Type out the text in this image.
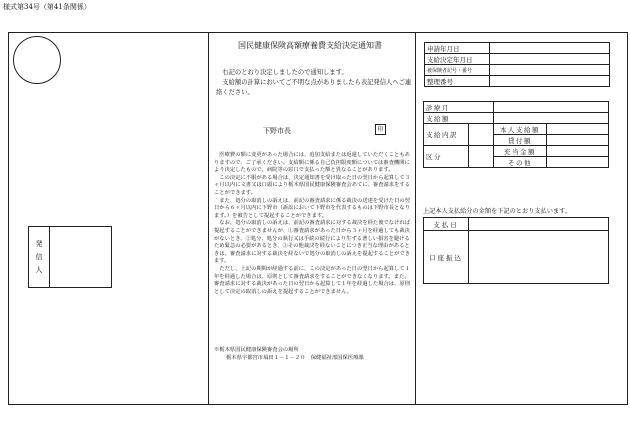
様式第34号（第41条関係）
発
信
人
国民健康保険高額療養費支給決定通知書

右記のとおり決定しましたので通知します。

支給額の計算においてご不明な点がありましたら表記発信人へご連絡ください。

下野市長	印

医療費の額に変更があった場合には、追加支給または返還していただくこともありますので、ご了承ください。支給額に係る自己負担限度額については審査機関により決定したもので、病院等の窓口で支払った額と異なることがあります。

この決定に不服がある場合は、決定通知書を受け取った日の翌日から起算して３ヶ月以内に文書又は口頭により栃木県国民健康保険審査会あてに、審査請求をすることができます。

また、処分の取消しの訴えは、前記の審査請求に係る裁決の送達を受けた日の翌日から６ヶ月以内に下野市（訴訟において下野市を代表するものは下野市長となります。）を被告として提起することができます。

なお、処分の取消しの訴えは、前記の審査請求に対する裁決を経た後でなければ提起することができませんが、①審査請求があった日から３ヶ月を経過しても裁決がないとき、②処分、処分の執行又は手続の続行により生ずる著しい損害を避けるため緊急の必要があるとき、③その他裁決を経ないことにつき正当な理由があるときは、審査請求に対する裁決を経ないで処分の取消しの訴えを提起することができます。

ただし、上記の期間が経過する前に、この決定があった日の翌日から起算して１年を経過した場合は、原則として審査請求をすることができなくなります。また、審査請求に対する裁決があった日の翌日から起算して１年を経過した場合は、原則として決定の取消しの訴えを提起することができません。

※栃木県国民健康保険審査会の場所
栃木県宇都宮市塙田１－１－２０　保健福祉部国保医療課
申請年月日	
支給決定年月日	
被保険者記号・番号	
整理番号	
診療月			
支給額			
支給内訳		本人支給額	
		貸付額	
区分		充当金額	
		その他	
上記本人支払給分の金額を下記のとおり支払います。
支払日	
口座振込	
